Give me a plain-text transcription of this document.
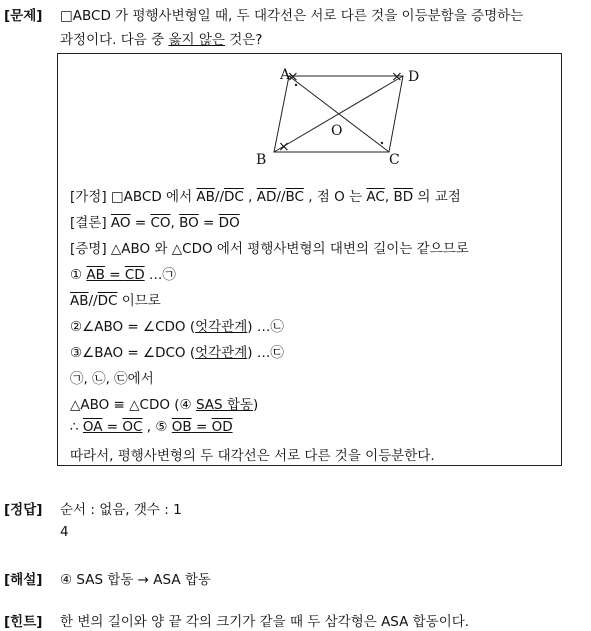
[문제] □ABCD 가 평행사변형일 때, 두 대각선은 서로 다른 것을 이등분함을 증명하는
과정이다. 다음 중 옳지 않은 것은?
×	×
×
A	D
B	C
O
[가정] □ABCD 에서 $\overline{AB}//\overline{DC}$ , $\overline{AD}//\overline{BC}$ , 점 O 는 $\overline{AC}$, $\overline{BD}$ 의 교점
[결론] $\overline{AO} = \overline{CO}$, $\overline{BO} = \overline{DO}$
[증명] △ABO 와 △CDO 에서 평행사변형의 대변의 길이는 같으므로
① AB = CD …㉠
$\overline{AB}//\overline{DC}$ 이므로
②∠ABO = ∠CDO (엇각관계) …㉡
③∠BAO = ∠DCO (엇각관계) …㉢
㉠, ㉡, ㉢에서
△ABO ≡ △CDO (④ SAS 합동)
∴ OA = OC , ⑤ OB = OD
따라서, 평행사변형의 두 대각선은 서로 다른 것을 이등분한다.
[정답] 순서 : 없음, 갯수 : 1
4
[해설] ④ SAS 합동 → ASA 합동
[힌트] 한 변의 길이와 양 끝 각의 크기가 같을 때 두 삼각형은 ASA 합동이다.
